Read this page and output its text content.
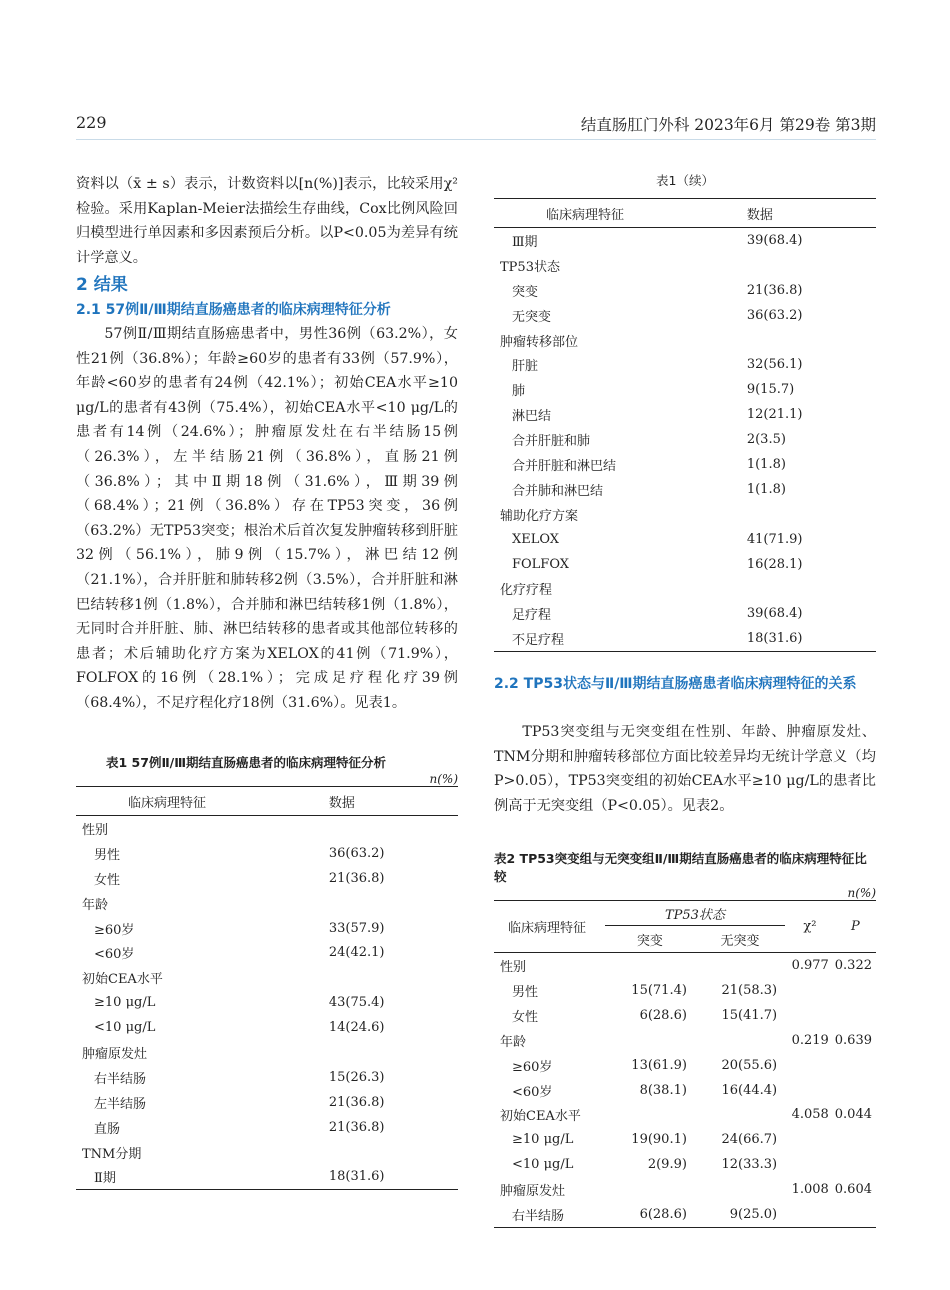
229	结直肠肛门外科 2023年6月 第29卷 第3期

资料以（x̄ ± s）表示，计数资料以[n(%)]表示，比较采用χ²检验。采用Kaplan-Meier法描绘生存曲线，Cox比例风险回归模型进行单因素和多因素预后分析。以P<0.05为差异有统计学意义。

2 结果

2.1 57例Ⅱ/Ⅲ期结直肠癌患者的临床病理特征分析

57例Ⅱ/Ⅲ期结直肠癌患者中，男性36例（63.2%），女性21例（36.8%）；年龄≥60岁的患者有33例（57.9%），年龄<60岁的患者有24例（42.1%）；初始CEA水平≥10 μg/L的患者有43例（75.4%），初始CEA水平<10 μg/L的患者有14例（24.6%）；肿瘤原发灶在右半结肠15例（26.3%），左半结肠21例（36.8%），直肠21例（36.8%）；其中Ⅱ期18例（31.6%），Ⅲ期39例（68.4%）；21例（36.8%）存在TP53突变，36例（63.2%）无TP53突变；根治术后首次复发肿瘤转移到肝脏32例（56.1%），肺9例（15.7%），淋巴结12例（21.1%），合并肝脏和肺转移2例（3.5%），合并肝脏和淋巴结转移1例（1.8%），合并肺和淋巴结转移1例（1.8%），无同时合并肝脏、肺、淋巴结转移的患者或其他部位转移的患者；术后辅助化疗方案为XELOX的41例（71.9%），FOLFOX的16例（28.1%）；完成足疗程化疗39例（68.4%），不足疗程化疗18例（31.6%）。见表1。

表1 57例Ⅱ/Ⅲ期结直肠癌患者的临床病理特征分析

n(%)

临床病理特征	数据
性别	
男性	36(63.2)
女性	21(36.8)
年龄	
≥60岁	33(57.9)
<60岁	24(42.1)
初始CEA水平	
≥10 μg/L	43(75.4)
<10 μg/L	14(24.6)
肿瘤原发灶	
右半结肠	15(26.3)
左半结肠	21(36.8)
直肠	21(36.8)
TNM分期	
Ⅱ期	18(31.6)

表1（续）

临床病理特征	数据
Ⅲ期	39(68.4)
TP53状态	
突变	21(36.8)
无突变	36(63.2)
肿瘤转移部位	
肝脏	32(56.1)
肺	9(15.7)
淋巴结	12(21.1)
合并肝脏和肺	2(3.5)
合并肝脏和淋巴结	1(1.8)
合并肺和淋巴结	1(1.8)
辅助化疗方案	
XELOX	41(71.9)
FOLFOX	16(28.1)
化疗疗程	
足疗程	39(68.4)
不足疗程	18(31.6)

2.2 TP53状态与Ⅱ/Ⅲ期结直肠癌患者临床病理特征的关系

TP53突变组与无突变组在性别、年龄、肿瘤原发灶、TNM分期和肿瘤转移部位方面比较差异均无统计学意义（均P>0.05），TP53突变组的初始CEA水平≥10 μg/L的患者比例高于无突变组（P<0.05）。见表2。

表2 TP53突变组与无突变组Ⅱ/Ⅲ期结直肠癌患者的临床病理特征比较

n(%)

临床病理特征	TP53状态		χ²	P
	突变	无突变		
性别			0.977	0.322
男性	15(71.4)	21(58.3)		
女性	6(28.6)	15(41.7)		
年龄			0.219	0.639
≥60岁	13(61.9)	20(55.6)		
<60岁	8(38.1)	16(44.4)		
初始CEA水平			4.058	0.044
≥10 μg/L	19(90.1)	24(66.7)		
<10 μg/L	2(9.9)	12(33.3)		
肿瘤原发灶			1.008	0.604
右半结肠	6(28.6)	9(25.0)		
